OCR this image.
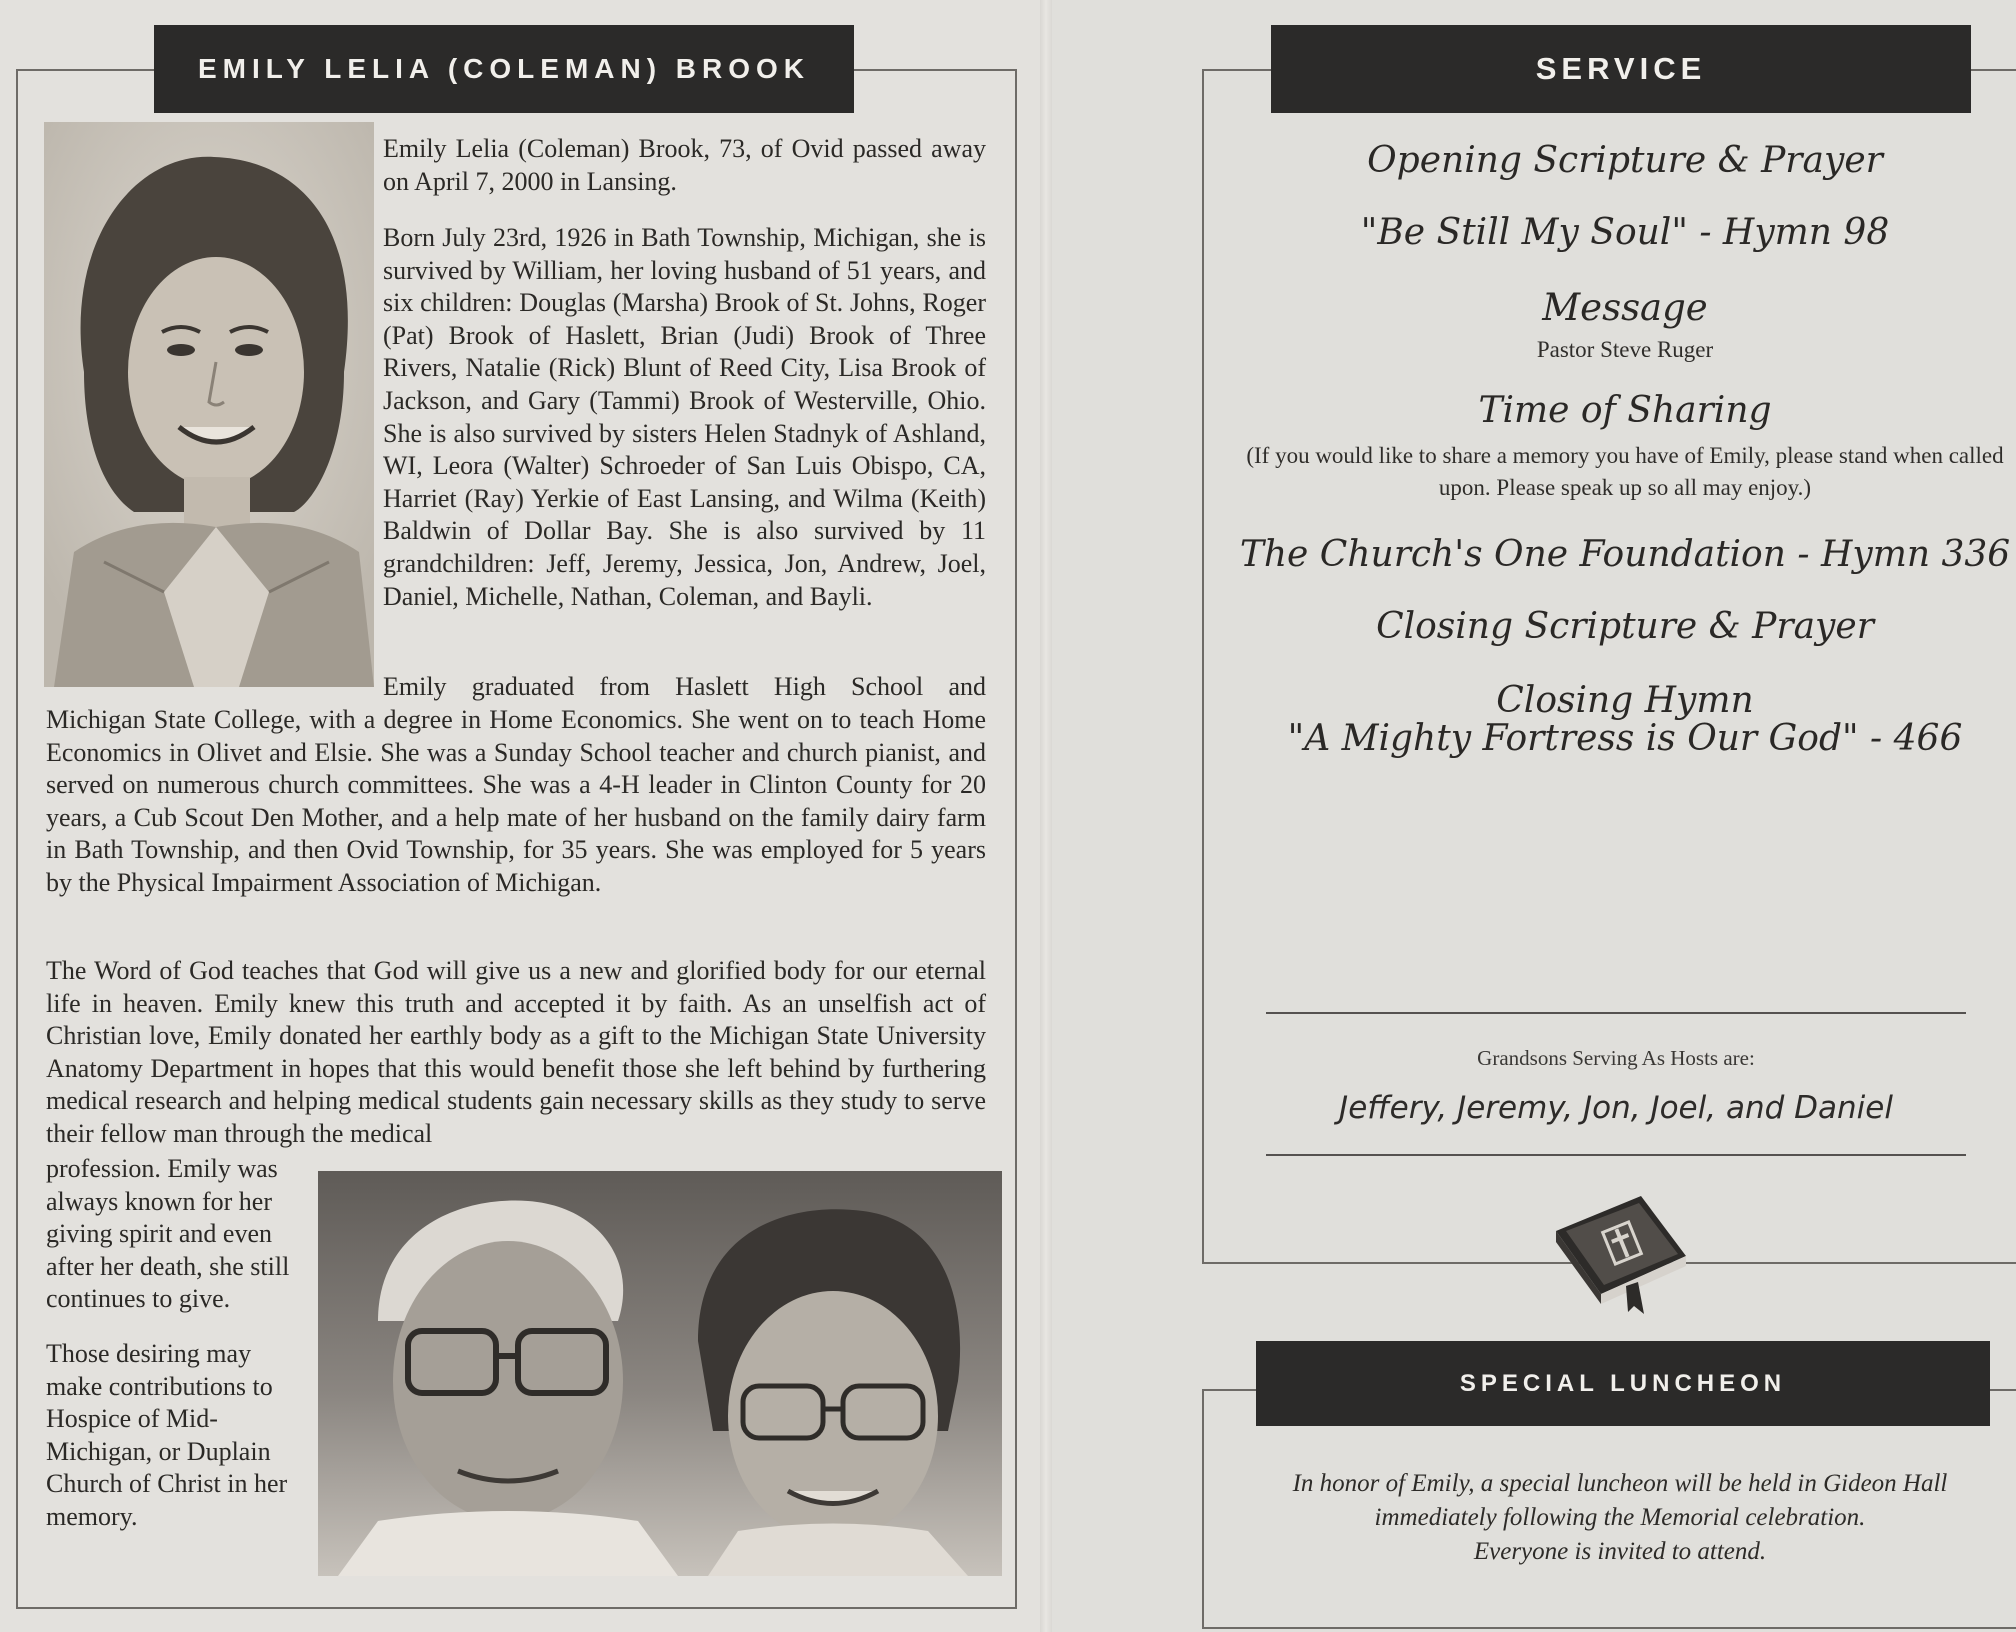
EMILY LELIA (COLEMAN) BROOK

Emily Lelia (Coleman) Brook, 73, of Ovid passed away on April 7, 2000 in Lansing.

Born July 23rd, 1926 in Bath Township, Michigan, she is survived by William, her loving husband of 51 years, and six children: Douglas (Marsha) Brook of St. Johns, Roger (Pat) Brook of Haslett, Brian (Judi) Brook of Three Rivers, Natalie (Rick) Blunt of Reed City, Lisa Brook of Jackson, and Gary (Tammi) Brook of Westerville, Ohio. She is also survived by sisters Helen Stadnyk of Ashland, WI, Leora (Walter) Schroeder of San Luis Obispo, CA, Harriet (Ray) Yerkie of East Lansing, and Wilma (Keith) Baldwin of Dollar Bay. She is also survived by 11 grandchildren: Jeff, Jeremy, Jessica, Jon, Andrew, Joel, Daniel, Michelle, Nathan, Coleman, and Bayli.

Emily graduated from Haslett High School and

Michigan State College, with a degree in Home Economics. She went on to teach Home Economics in Olivet and Elsie. She was a Sunday School teacher and church pianist, and served on numerous church committees. She was a 4-H leader in Clinton County for 20 years, a Cub Scout Den Mother, and a help mate of her husband on the family dairy farm in Bath Township, and then Ovid Township, for 35 years. She was employed for 5 years by the Physical Impairment Association of Michigan.

The Word of God teaches that God will give us a new and glorified body for our eternal life in heaven. Emily knew this truth and accepted it by faith. As an unselfish act of Christian love, Emily donated her earthly body as a gift to the Michigan State University Anatomy Department in hopes that this would benefit those she left behind by furthering medical research and helping medical students gain necessary skills as they study to serve their fellow man through the medical

profession. Emily was always known for her giving spirit and even after her death, she still continues to give.

Those desiring may make contributions to Hospice of Mid-Michigan, or Duplain Church of Christ in her memory.

SERVICE
Opening Scripture & Prayer
"Be Still My Soul" - Hymn 98
Message
Pastor Steve Ruger
Time of Sharing
(If you would like to share a memory you have of Emily, please stand when called upon. Please speak up so all may enjoy.)
The Church's One Foundation - Hymn 336
Closing Scripture & Prayer
Closing Hymn
"A Mighty Fortress is Our God" - 466
Grandsons Serving As Hosts are:
Jeffery, Jeremy, Jon, Joel, and Daniel
SPECIAL LUNCHEON
In honor of Emily, a special luncheon will be held in Gideon Hall
immediately following the Memorial celebration.
Everyone is invited to attend.
